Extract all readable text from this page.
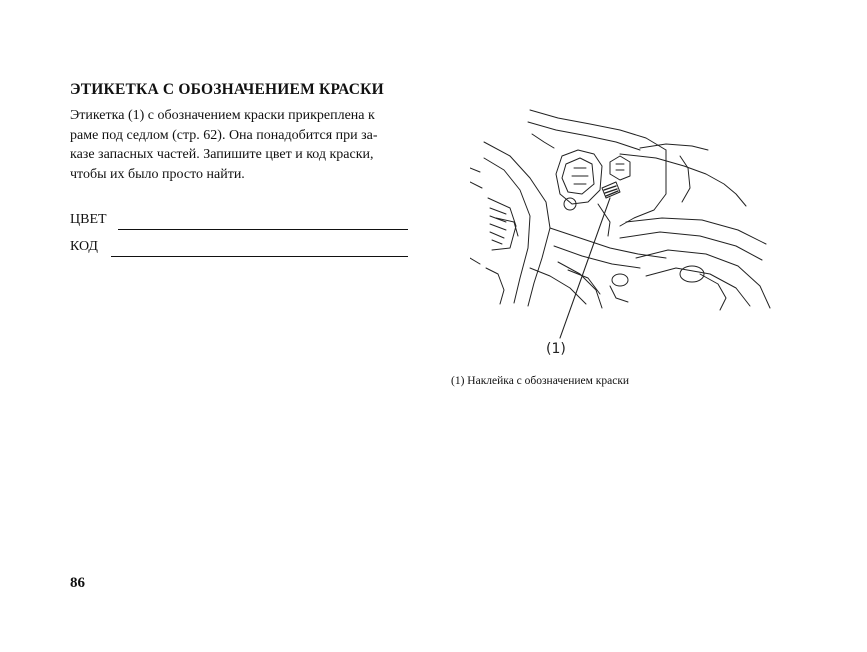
ЭТИКЕТКА С ОБОЗНАЧЕНИЕМ КРАСКИ
Этикетка (1) с обозначением краски прикреплена к
раме под седлом (стр. 62). Она понадобится при за-
казе запасных частей. Запишите цвет и код краски,
чтобы их было просто найти.
ЦВЕТ
КОД
(1)
(1) Наклейка с обозначением краски
86
